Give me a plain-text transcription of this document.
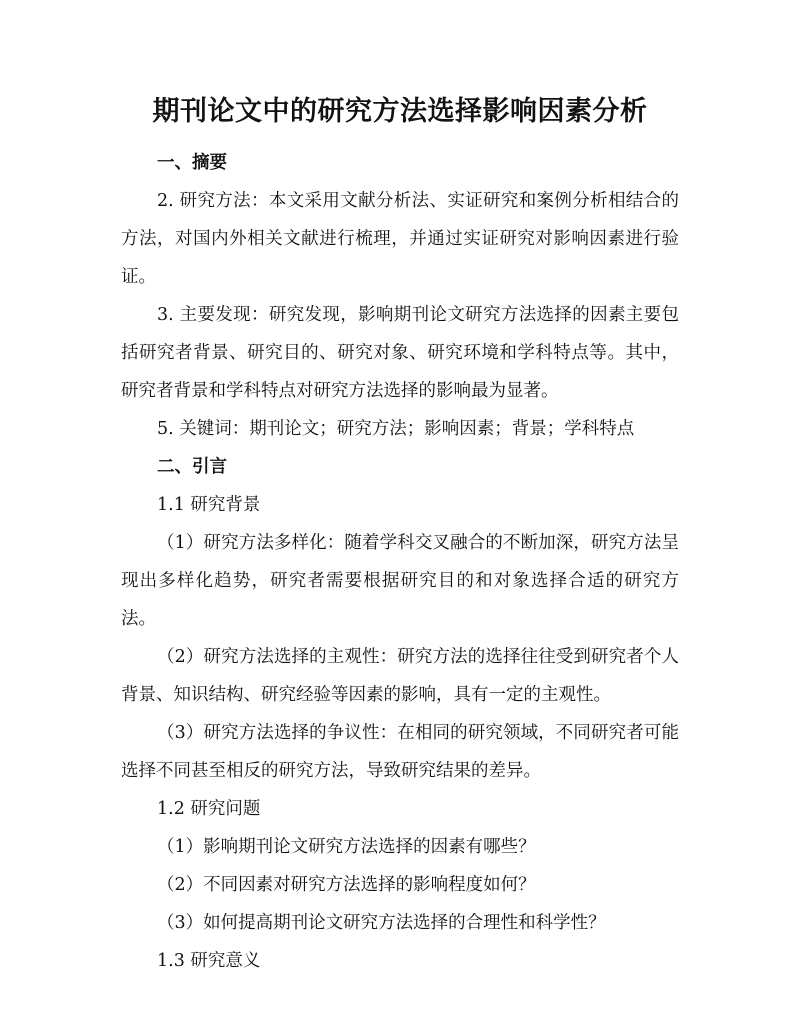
期刊论文中的研究方法选择影响因素分析

一、摘要

2. 研究方法：本文采用文献分析法、实证研究和案例分析相结合的方法，对国内外相关文献进行梳理，并通过实证研究对影响因素进行验证。

3. 主要发现：研究发现，影响期刊论文研究方法选择的因素主要包括研究者背景、研究目的、研究对象、研究环境和学科特点等。其中，研究者背景和学科特点对研究方法选择的影响最为显著。

5. 关键词：期刊论文；研究方法；影响因素；背景；学科特点

二、引言

1.1 研究背景

（1）研究方法多样化：随着学科交叉融合的不断加深，研究方法呈现出多样化趋势，研究者需要根据研究目的和对象选择合适的研究方法。

（2）研究方法选择的主观性：研究方法的选择往往受到研究者个人背景、知识结构、研究经验等因素的影响，具有一定的主观性。

（3）研究方法选择的争议性：在相同的研究领域，不同研究者可能选择不同甚至相反的研究方法，导致研究结果的差异。

1.2 研究问题

（1）影响期刊论文研究方法选择的因素有哪些？

（2）不同因素对研究方法选择的影响程度如何？

（3）如何提高期刊论文研究方法选择的合理性和科学性？

1.3 研究意义
